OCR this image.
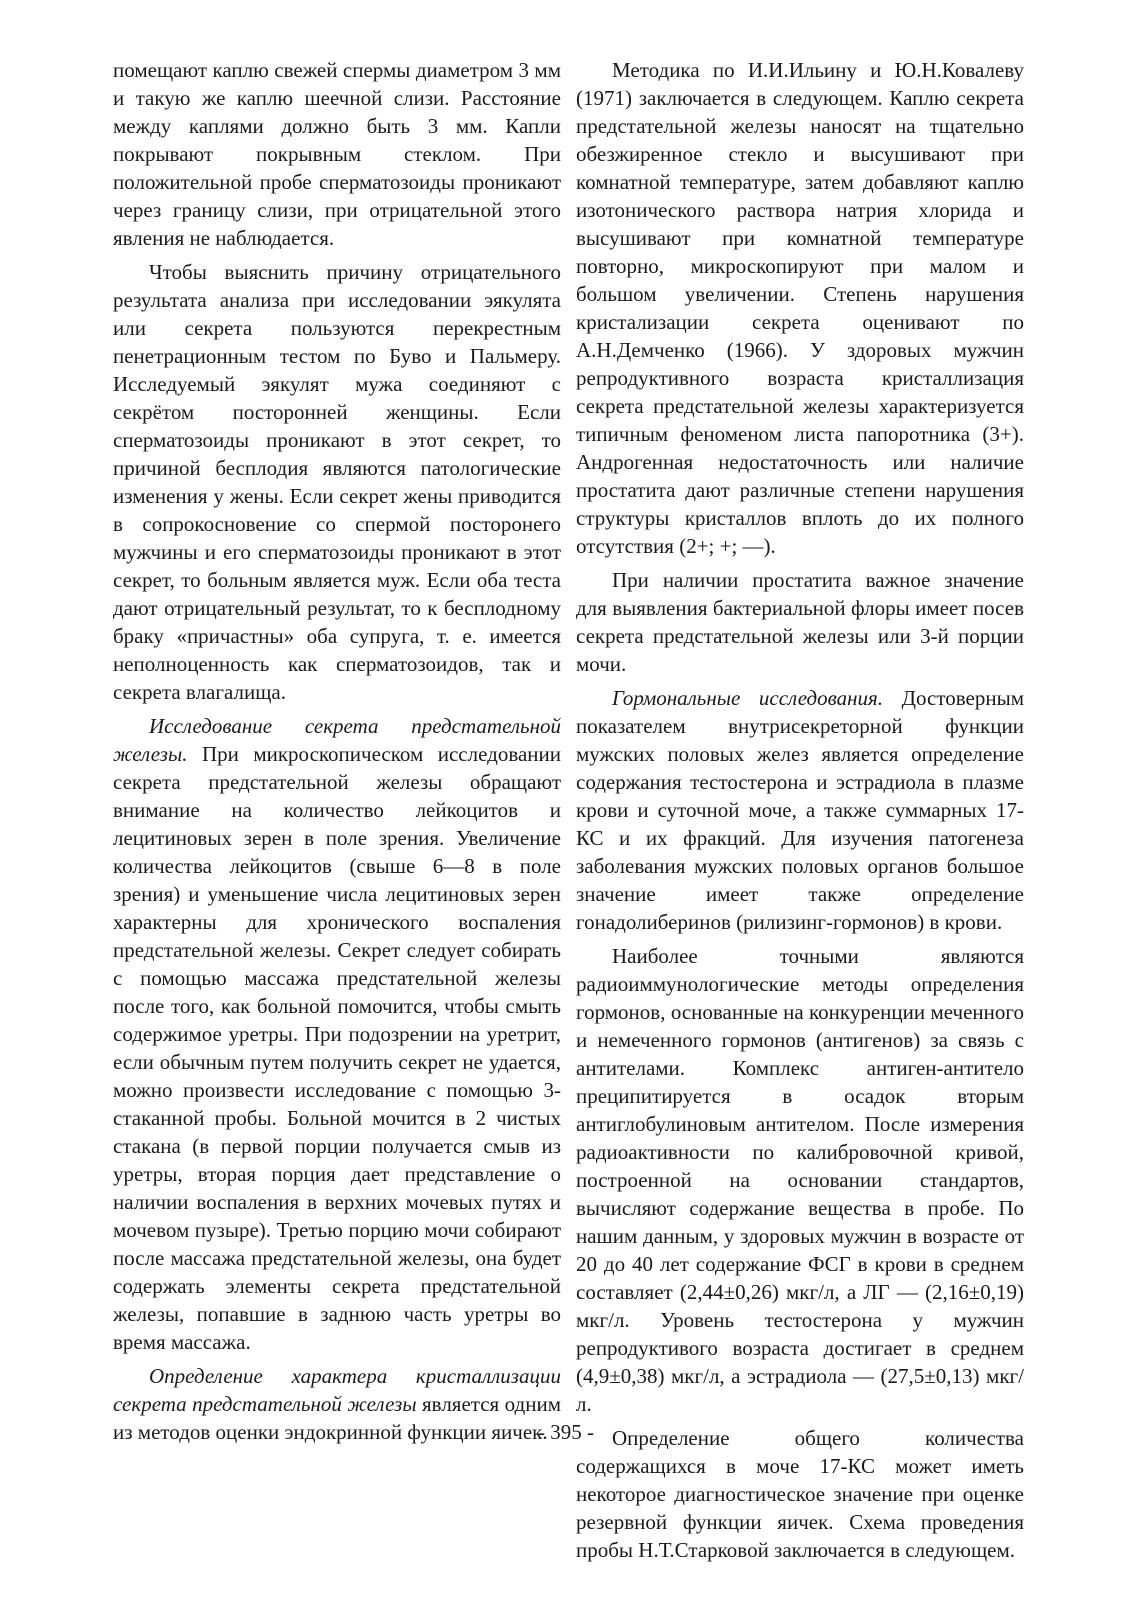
помещают каплю свежей спермы диаметром 3 мм и такую же каплю шеечной слизи. Расстояние между каплями должно быть 3 мм. Капли покрывают покрывным стеклом. При положительной пробе сперматозоиды проникают через границу слизи, при отрицательной этого явления не наблюдается.

Чтобы выяснить причину отрицательного результата анализа при исследовании эякулята или секрета пользуются перекрестным пенетрационным тестом по Буво и Пальмеру. Исследуемый эякулят мужа соединяют с секрётом посторонней женщины. Если сперматозоиды проникают в этот секрет, то причиной бесплодия являются патологические изменения у жены. Если секрет жены приводится в сопрокосновение со спермой посторонего мужчины и его сперматозоиды проникают в этот секрет, то больным является муж. Если оба теста дают отрицательный результат, то к бесплодному браку «причастны» оба супруга, т. е. имеется неполноценность как сперматозоидов, так и секрета влагалища.

Исследование секрета предстательной железы. При микроскопическом исследовании секрета предстательной железы обращают внимание на количество лейкоцитов и лецитиновых зерен в поле зрения. Увеличение количества лейкоцитов (свыше 6—8 в поле зрения) и уменьшение числа лецитиновых зерен характерны для хронического воспаления предстательной железы. Секрет следует собирать с помощью массажа предстательной железы после того, как больной помочится, чтобы смыть содержимое уретры. При подозрении на уретрит, если обычным путем получить секрет не удается, можно произвести исследование с помощью 3-стаканной пробы. Больной мочится в 2 чистых стакана (в первой порции получается смыв из уретры, вторая порция дает представление о наличии воспаления в верхних мочевых путях и мочевом пузыре). Третью порцию мочи собирают после массажа предстательной железы, она будет содержать элементы секрета предстательной железы, попавшие в заднюю часть уретры во время массажа.

Определение характера кристаллизации секрета предстательной железы является одним из методов оценки эндокринной функции яичек.

Методика по И.И.Ильину и Ю.Н.Ковалеву (1971) заключается в следующем. Каплю секрета предстательной железы наносят на тщательно обезжиренное стекло и высушивают при комнатной температуре, затем добавляют каплю изотонического раствора натрия хлорида и высушивают при комнатной температуре повторно, микроскопируют при малом и большом увеличении. Степень нарушения кристализации секрета оценивают по А.Н.Демченко (1966). У здоровых мужчин репродуктивного возраста кристаллизация секрета предстательной железы характеризуется типичным феноменом листа папоротника (3+). Андрогенная недостаточность или наличие простатита дают различные степени нарушения структуры кристаллов вплоть до их полного отсутствия (2+; +; —).

При наличии простатита важное значение для выявления бактериальной флоры имеет посев секрета предстательной железы или 3-й порции мочи.

Гормональные исследования. Достоверным показателем внутрисекреторной функции мужских половых желез является определение содержания тестостерона и эстрадиола в плазме крови и суточной моче, а также суммарных 17-КС и их фракций. Для изучения патогенеза заболевания мужских половых органов большое значение имеет также определение гонадолиберинов (рилизинг-гормонов) в крови.

Наиболее точными являются радиоиммунологические методы определения гормонов, основанные на конкуренции меченного и немеченного гормонов (антигенов) за связь с антителами. Комплекс антиген-антитело преципитируется в осадок вторым антиглобулиновым антителом. После измерения радиоактивности по калибровочной кривой, построенной на основании стандартов, вычисляют содержание вещества в пробе. По нашим данным, у здоровых мужчин в возрасте от 20 до 40 лет содержание ФСГ в крови в среднем составляет (2,44±0,26) мкг/л, а ЛГ — (2,16±0,19) мкг/л. Уровень тестостерона у мужчин репродуктивого возраста достигает в среднем (4,9±0,38) мкг/л, а эстрадиола — (27,5±0,13) мкг/л.

Определение общего количества содержащихся в моче 17-КС может иметь некоторое диагностическое значение при оценке резервной функции яичек. Схема проведения пробы Н.Т.Старковой заключается в следующем.

- 395 -
